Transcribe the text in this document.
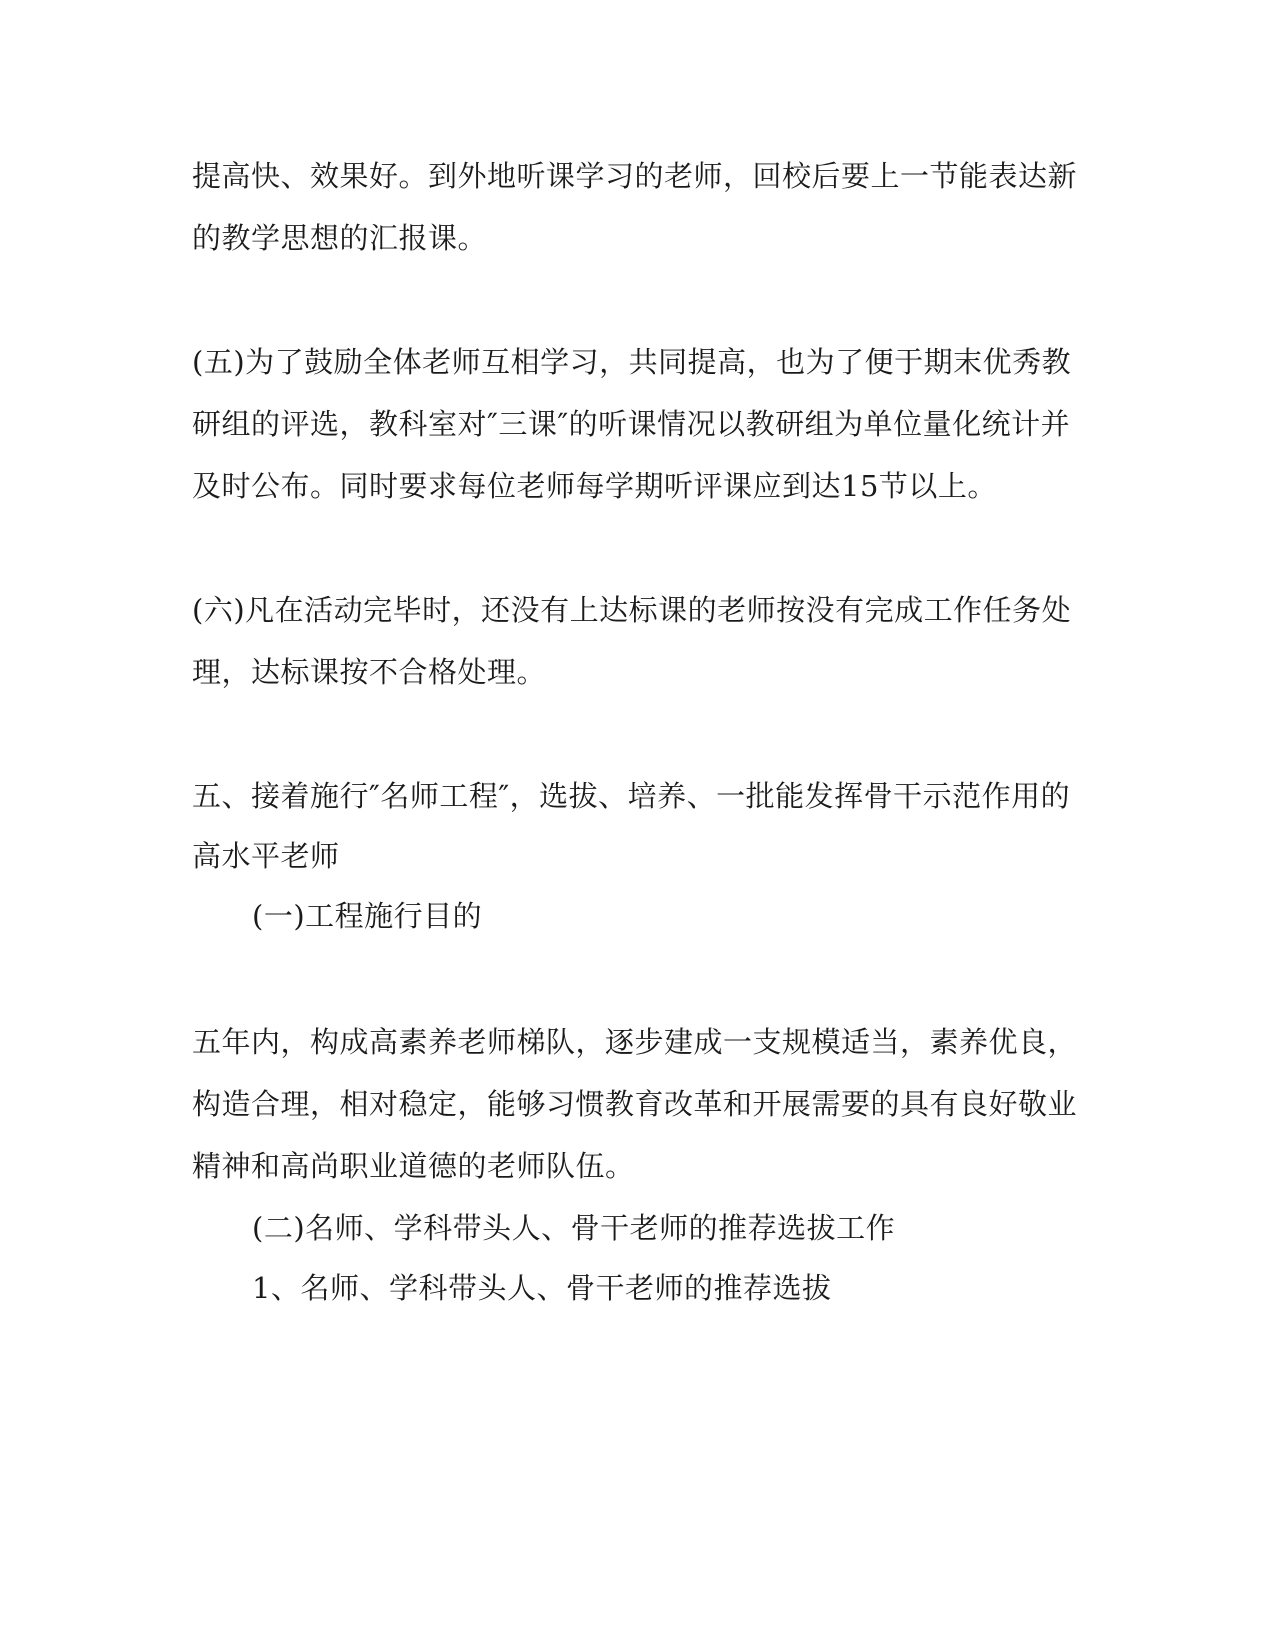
提高快、效果好。到外地听课学习的老师，回校后要上一节能表达新
的教学思想的汇报课。
(五)为了鼓励全体老师互相学习，共同提高，也为了便于期末优秀教
研组的评选，教科室对″三课″的听课情况以教研组为单位量化统计并
及时公布。同时要求每位老师每学期听评课应到达15节以上。
(六)凡在活动完毕时，还没有上达标课的老师按没有完成工作任务处
理，达标课按不合格处理。
五、接着施行″名师工程″，选拔、培养、一批能发挥骨干示范作用的
高水平老师
(一)工程施行目的
五年内，构成高素养老师梯队，逐步建成一支规模适当，素养优良，
构造合理，相对稳定，能够习惯教育改革和开展需要的具有良好敬业
精神和高尚职业道德的老师队伍。
(二)名师、学科带头人、骨干老师的推荐选拔工作
1、名师、学科带头人、骨干老师的推荐选拔
